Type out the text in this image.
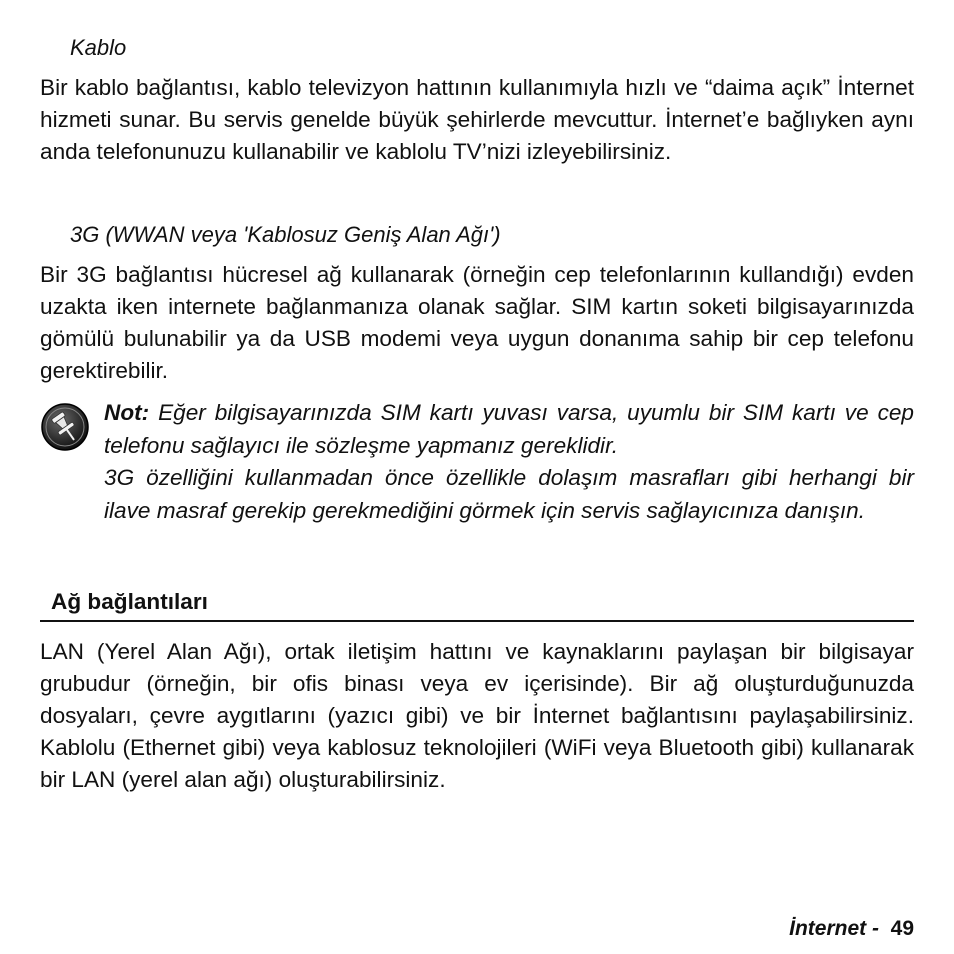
Kablo

Bir kablo bağlantısı, kablo televizyon hattının kullanımıyla hızlı ve “daima açık” İnternet hizmeti sunar. Bu servis genelde büyük şehirlerde mevcuttur. İnternet’e bağlıyken aynı anda telefonunuzu kullanabilir ve kablolu TV’nizi izleyebilirsiniz.

3G (WWAN veya 'Kablosuz Geniş Alan Ağı')

Bir 3G bağlantısı hücresel ağ kullanarak (örneğin cep telefonlarının kullandığı) evden uzakta iken internete bağlanmanıza olanak sağlar. SIM kartın soketi bilgisayarınızda gömülü bulunabilir ya da USB modemi veya uygun donanıma sahip bir cep telefonu gerektirebilir.

Not: Eğer bilgisayarınızda SIM kartı yuvası varsa, uyumlu bir SIM kartı ve cep telefonu sağlayıcı ile sözleşme yapmanız gereklidir.
3G özelliğini kullanmadan önce özellikle dolaşım masrafları gibi herhangi bir ilave masraf gerekip gerekmediğini görmek için servis sağlayıcınıza danışın.

Ağ bağlantıları

LAN (Yerel Alan Ağı), ortak iletişim hattını ve kaynaklarını paylaşan bir bilgisayar grubudur (örneğin, bir ofis binası veya ev içerisinde). Bir ağ oluşturduğunuzda dosyaları, çevre aygıtlarını (yazıcı gibi) ve bir İnternet bağlantısını paylaşabilirsiniz. Kablolu (Ethernet gibi) veya kablosuz teknolojileri (WiFi veya Bluetooth gibi) kullanarak bir LAN (yerel alan ağı) oluşturabilirsiniz.

İnternet - 49
